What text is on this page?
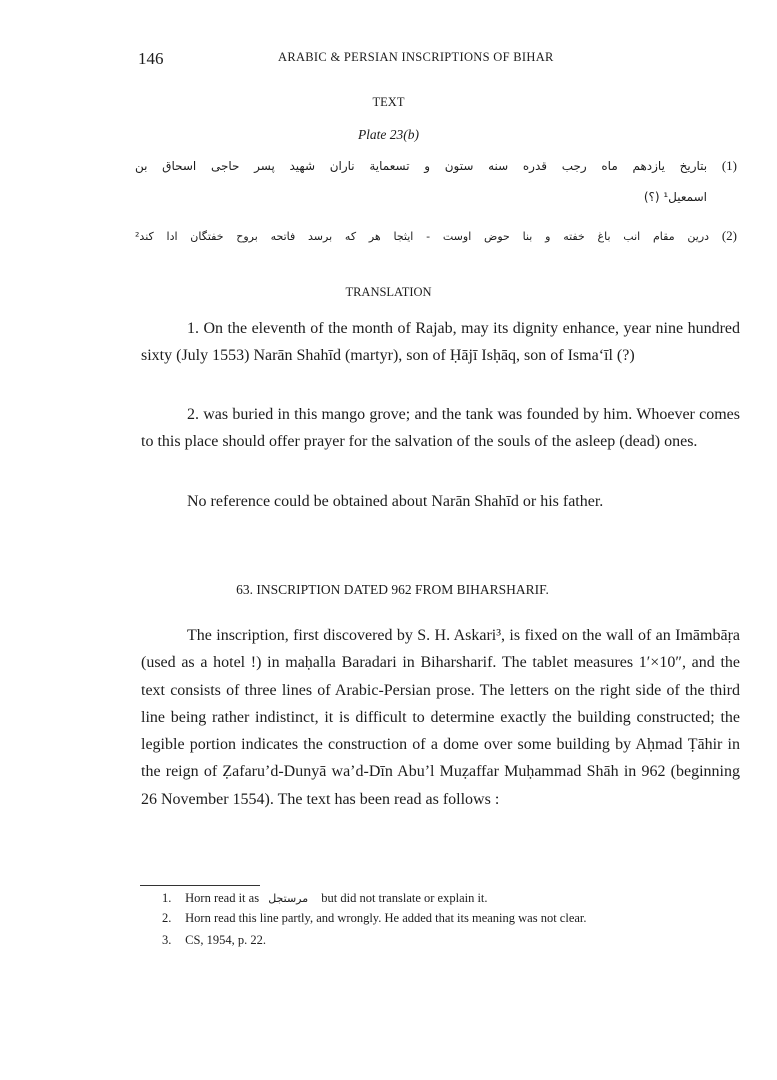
146	ARABIC & PERSIAN INSCRIPTIONS OF BIHAR
TEXT
Plate 23(b)
(1) بتاریخ یازدهم ماه رجب قدره سنه ستون و تسعمایة ناران شهید پسر حاجی اسحاق بن
اسمعیل¹ (؟)
(2) درین مقام انب باغ خفته و بنا حوض اوست - ایثجا هر که برسد فاتحه بروح خفتگان ادا کند²
TRANSLATION
1. On the eleventh of the month of Rajab, may its dignity enhance, year nine hundred sixty (July 1553) Narān Shahīd (martyr), son of Ḥājī Isḥāq, son of Isma‘īl (?)
2. was buried in this mango grove; and the tank was founded by him. Whoever comes to this place should offer prayer for the salvation of the souls of the asleep (dead) ones.
No reference could be obtained about Narān Shahīd or his father.
63. INSCRIPTION DATED 962 FROM BIHARSHARIF.
The inscription, first discovered by S. H. Askari³, is fixed on the wall of an Imāmbāṛa (used as a hotel !) in maḥalla Baradari in Biharsharif. The tablet measures 1′×10″, and the text consists of three lines of Arabic-Persian prose. The letters on the right side of the third line being rather indistinct, it is difficult to determine exactly the building constructed; the legible portion indicates the construction of a dome over some building by Aḥmad Ṭāhir in the reign of Ẓafaru’d-Dunyā wa’d-Dīn Abu’l Muẓaffar Muḥammad Shāh in 962 (beginning 26 November 1554). The text has been read as follows :
1. Horn read it as مرستجل but did not translate or explain it.
2. Horn read this line partly, and wrongly. He added that its meaning was not clear.
3. CS, 1954, p. 22.
